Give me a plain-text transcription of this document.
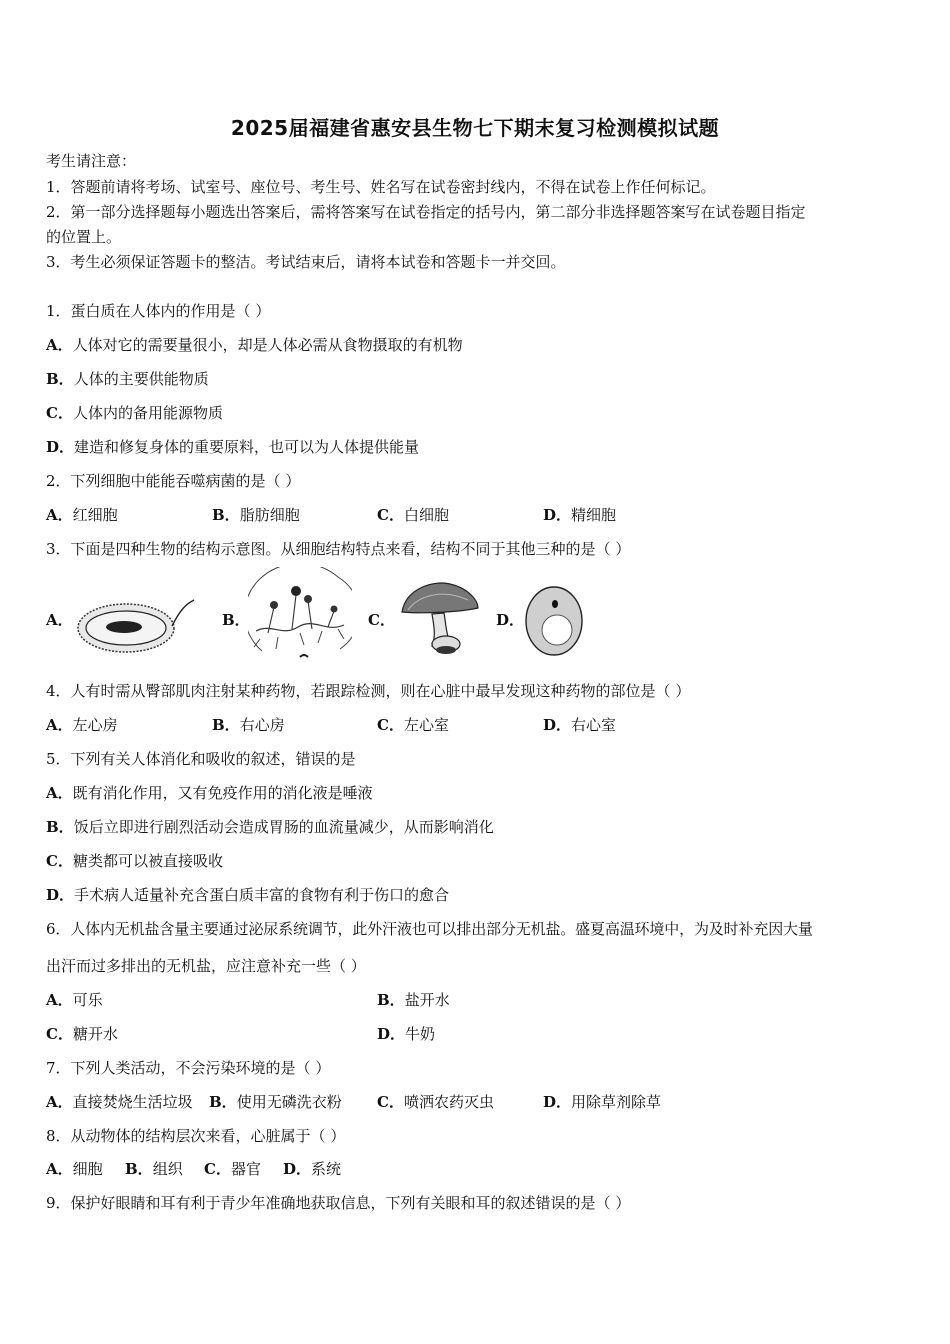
2025届福建省惠安县生物七下期末复习检测模拟试题
考生请注意：
1．答题前请将考场、试室号、座位号、考生号、姓名写在试卷密封线内，不得在试卷上作任何标记。
2．第一部分选择题每小题选出答案后，需将答案写在试卷指定的括号内，第二部分非选择题答案写在试卷题目指定
的位置上。
3．考生必须保证答题卡的整洁。考试结束后，请将本试卷和答题卡一并交回。
1．蛋白质在人体内的作用是（ ）
A．人体对它的需要量很小，却是人体必需从食物摄取的有机物
B．人体的主要供能物质
C．人体内的备用能源物质
D．建造和修复身体的重要原料，也可以为人体提供能量
2．下列细胞中能能吞噬病菌的是（ ）
A．红细胞	B．脂肪细胞	C．白细胞	D．精细胞
3．下面是四种生物的结构示意图。从细胞结构特点来看，结构不同于其他三种的是（ ）
A．	B．	C．	D．
4．人有时需从臀部肌肉注射某种药物，若跟踪检测，则在心脏中最早发现这种药物的部位是（ ）
A．左心房	B．右心房	C．左心室	D．右心室
5．下列有关人体消化和吸收的叙述，错误的是
A．既有消化作用，又有免疫作用的消化液是唾液
B．饭后立即进行剧烈活动会造成胃肠的血流量减少，从而影响消化
C．糖类都可以被直接吸收
D．手术病人适量补充含蛋白质丰富的食物有利于伤口的愈合
6．人体内无机盐含量主要通过泌尿系统调节，此外汗液也可以排出部分无机盐。盛夏高温环境中，为及时补充因大量
出汗而过多排出的无机盐，应注意补充一些（ ）
A．可乐	B．盐开水
C．糖开水	D．牛奶
7．下列人类活动，不会污染环境的是（ ）
A．直接焚烧生活垃圾 B．使用无磷洗衣粉 C．喷洒农药灭虫	D．用除草剂除草
8．从动物体的结构层次来看，心脏属于（ ）
A．细胞 B．组织 C．器官 D．系统
9．保护好眼睛和耳有利于青少年准确地获取信息，下列有关眼和耳的叙述错误的是（ ）
